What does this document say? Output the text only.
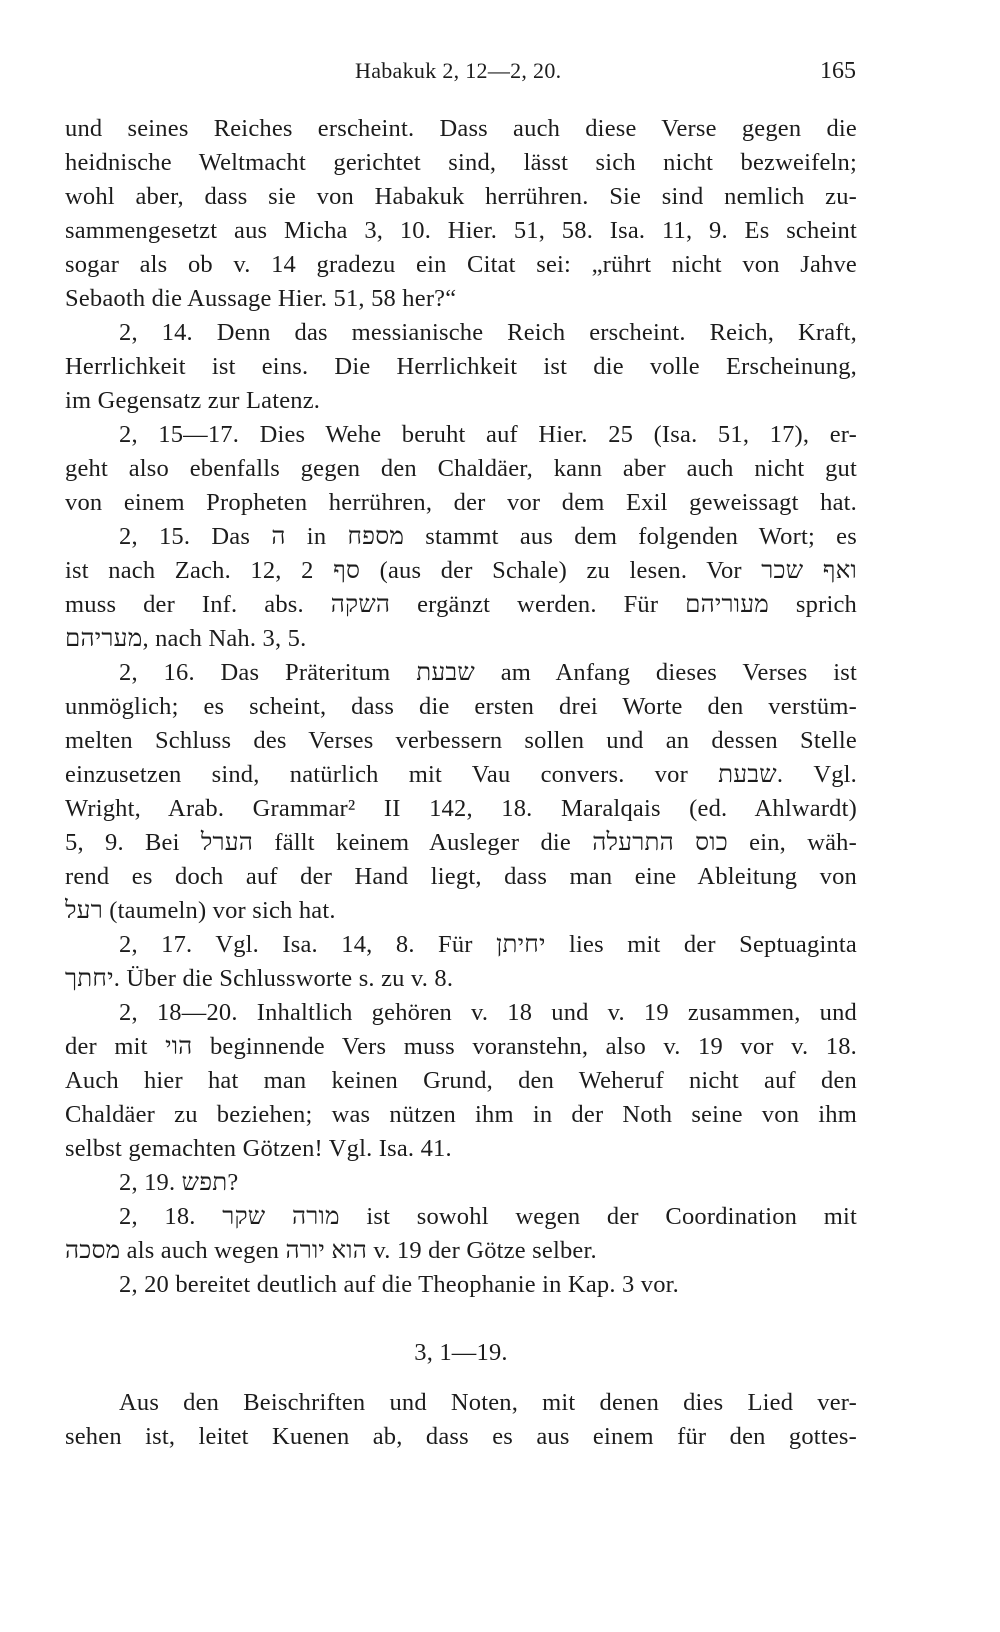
Habakuk 2, 12—2, 20.	165
und seines Reiches erscheint. Dass auch diese Verse gegen die
heidnische Weltmacht gerichtet sind, lässt sich nicht bezweifeln;
wohl aber, dass sie von Habakuk herrühren. Sie sind nemlich zu-
sammengesetzt aus Micha 3, 10. Hier. 51, 58. Isa. 11, 9. Es scheint
sogar als ob v. 14 gradezu ein Citat sei: „rührt nicht von Jahve
Sebaoth die Aussage Hier. 51, 58 her?“
2, 14. Denn das messianische Reich erscheint. Reich, Kraft,
Herrlichkeit ist eins. Die Herrlichkeit ist die volle Erscheinung,
im Gegensatz zur Latenz.
2, 15—17. Dies Wehe beruht auf Hier. 25 (Isa. 51, 17), er-
geht also ebenfalls gegen den Chaldäer, kann aber auch nicht gut
von einem Propheten herrühren, der vor dem Exil geweissagt hat.
2, 15. Das ה in מספח stammt aus dem folgenden Wort; es
ist nach Zach. 12, 2 סף (aus der Schale) zu lesen. Vor ואף שכר
muss der Inf. abs. השקה ergänzt werden. Für מעוריהם sprich
מעריהם, nach Nah. 3, 5.
2, 16. Das Präteritum שבעת am Anfang dieses Verses ist
unmöglich; es scheint, dass die ersten drei Worte den verstüm-
melten Schluss des Verses verbessern sollen und an dessen Stelle
einzusetzen sind, natürlich mit Vau convers. vor שבעת. Vgl.
Wright, Arab. Grammar² II 142, 18. Maralqais (ed. Ahlwardt)
5, 9. Bei הערל fällt keinem Ausleger die כוס התרעלה ein, wäh-
rend es doch auf der Hand liegt, dass man eine Ableitung von
רעל (taumeln) vor sich hat.
2, 17. Vgl. Isa. 14, 8. Für יחיתן lies mit der Septuaginta
יחתך. Über die Schlussworte s. zu v. 8.
2, 18—20. Inhaltlich gehören v. 18 und v. 19 zusammen, und
der mit הוי beginnende Vers muss voranstehn, also v. 19 vor v. 18.
Auch hier hat man keinen Grund, den Weheruf nicht auf den
Chaldäer zu beziehen; was nützen ihm in der Noth seine von ihm
selbst gemachten Götzen! Vgl. Isa. 41.
2, 19. תפש?
2, 18. מורה שקר ist sowohl wegen der Coordination mit
מסכה als auch wegen הוא יורה v. 19 der Götze selber.
2, 20 bereitet deutlich auf die Theophanie in Kap. 3 vor.
3, 1—19.
Aus den Beischriften und Noten, mit denen dies Lied ver-
sehen ist, leitet Kuenen ab, dass es aus einem für den gottes-
